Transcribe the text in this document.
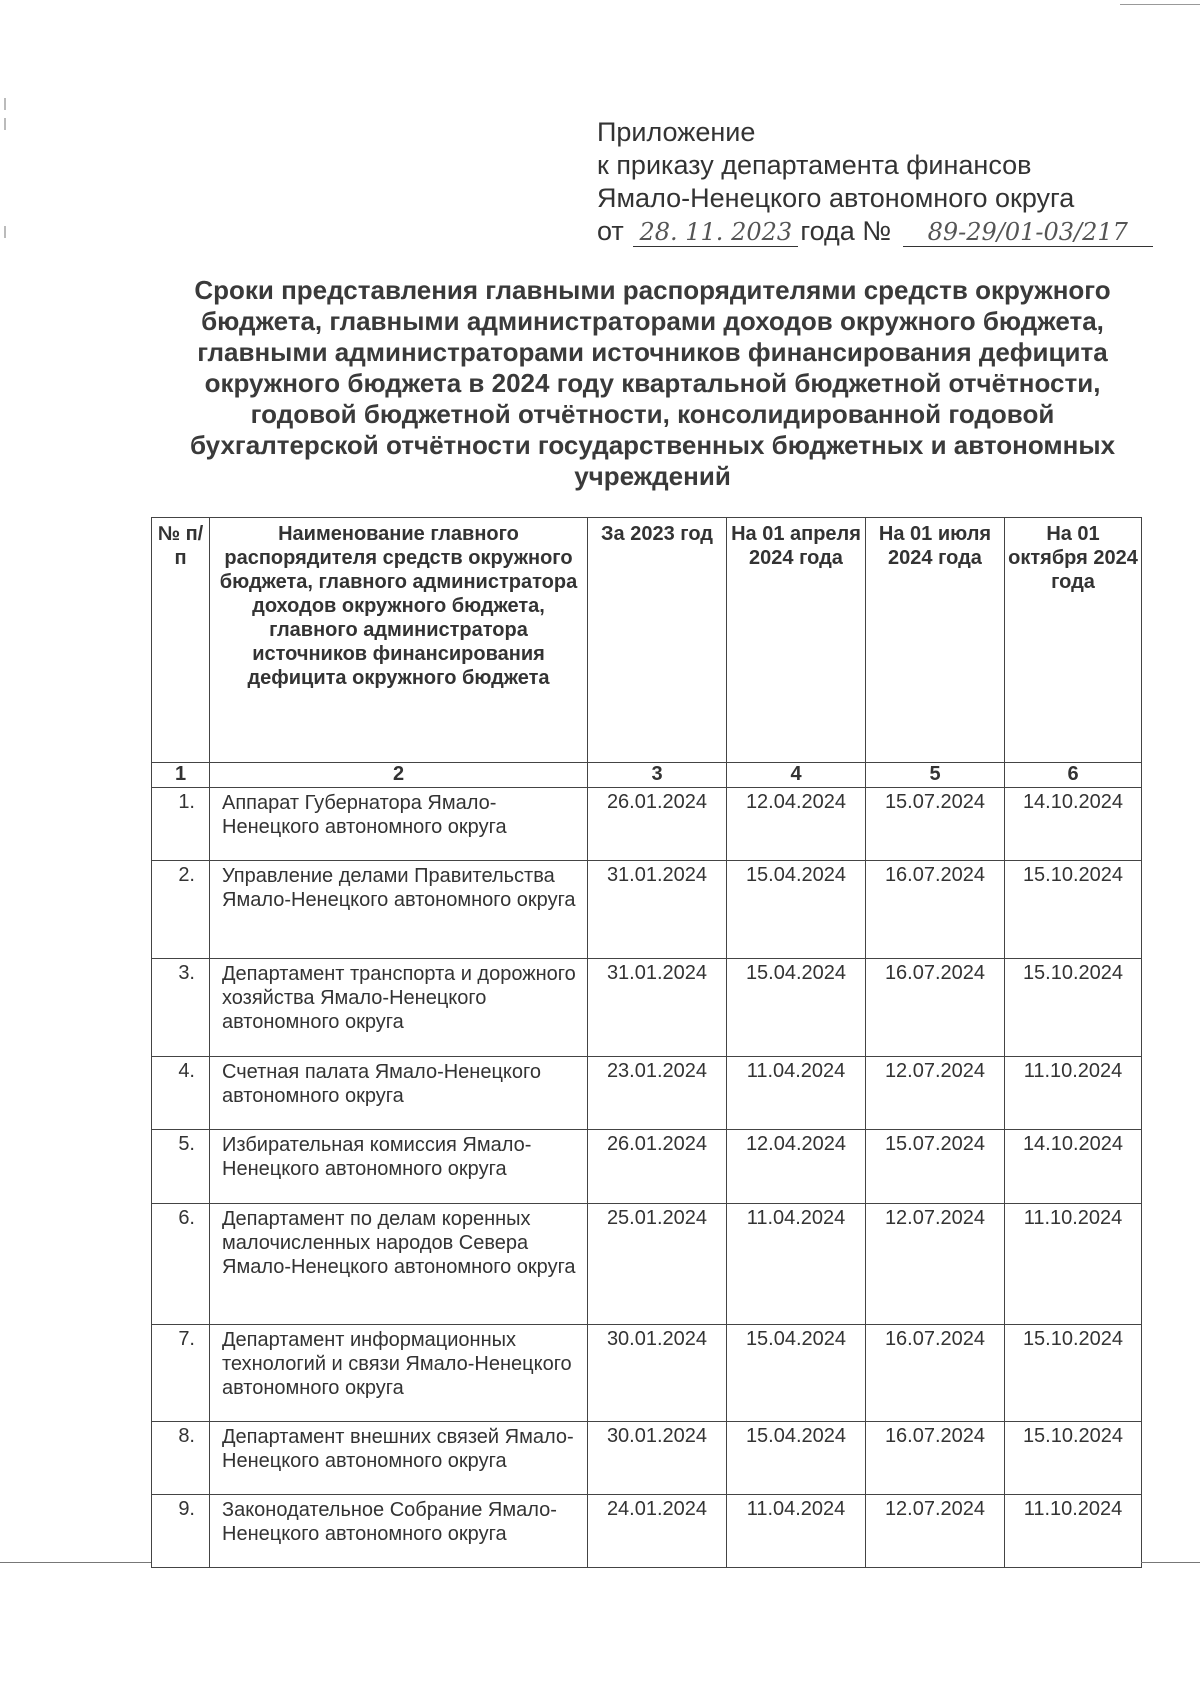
Приложение
к приказу департамента финансов
Ямало-Ненецкого автономного округа
от 28. 11. 2023 года № 89-29/01-03/217
Сроки представления главными распорядителями средств окружного бюджета, главными администраторами доходов окружного бюджета, главными администраторами источников финансирования дефицита окружного бюджета в 2024 году квартальной бюджетной отчётности, годовой бюджетной отчётности, консолидированной годовой бухгалтерской отчётности государственных бюджетных и автономных учреждений
№ п/п	Наименование главного распорядителя средств окружного бюджета, главного администратора доходов окружного бюджета, главного администратора источников финансирования дефицита окружного бюджета	За 2023 год	На 01 апреля 2024 года	На 01 июля 2024 года	На 01 октября 2024 года
1	2	3	4	5	6
1.	Аппарат Губернатора Ямало-Ненецкого автономного округа	26.01.2024	12.04.2024	15.07.2024	14.10.2024
2.	Управление делами Правительства Ямало-Ненецкого автономного округа	31.01.2024	15.04.2024	16.07.2024	15.10.2024
3.	Департамент транспорта и дорожного хозяйства Ямало-Ненецкого автономного округа	31.01.2024	15.04.2024	16.07.2024	15.10.2024
4.	Счетная палата Ямало-Ненецкого автономного округа	23.01.2024	11.04.2024	12.07.2024	11.10.2024
5.	Избирательная комиссия Ямало-Ненецкого автономного округа	26.01.2024	12.04.2024	15.07.2024	14.10.2024
6.	Департамент по делам коренных малочисленных народов Севера Ямало-Ненецкого автономного округа	25.01.2024	11.04.2024	12.07.2024	11.10.2024
7.	Департамент информационных технологий и связи Ямало-Ненецкого автономного округа	30.01.2024	15.04.2024	16.07.2024	15.10.2024
8.	Департамент внешних связей Ямало-Ненецкого автономного округа	30.01.2024	15.04.2024	16.07.2024	15.10.2024
9.	Законодательное Собрание Ямало-Ненецкого автономного округа	24.01.2024	11.04.2024	12.07.2024	11.10.2024
